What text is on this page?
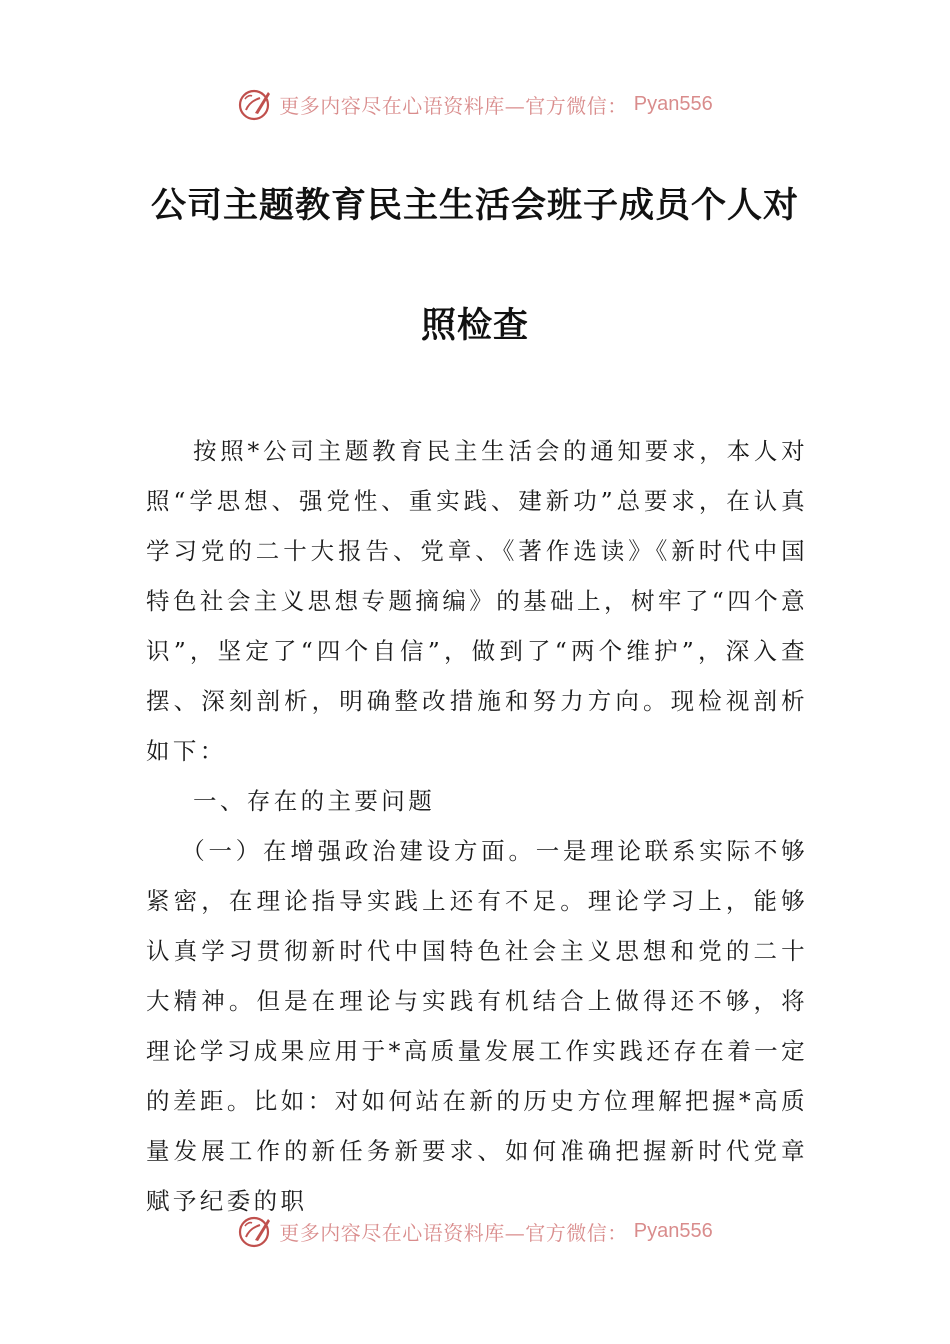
更多内容尽在心语资料库—官方微信： Pyan556
公司主题教育民主生活会班子成员个人对
照检查

按照*公司主题教育民主生活会的通知要求，本人对照“学思想、强党性、重实践、建新功”总要求，在认真学习党的二十大报告、党章、《著作选读》《新时代中国特色社会主义思想专题摘编》的基础上，树牢了“四个意识”，坚定了“四个自信”，做到了“两个维护”，深入查摆、深刻剖析，明确整改措施和努力方向。现检视剖析如下：

一、存在的主要问题

（一）在增强政治建设方面。一是理论联系实际不够紧密，在理论指导实践上还有不足。理论学习上，能够认真学习贯彻新时代中国特色社会主义思想和党的二十大精神。但是在理论与实践有机结合上做得还不够，将理论学习成果应用于*高质量发展工作实践还存在着一定的差距。比如：对如何站在新的历史方位理解把握*高质量发展工作的新任务新要求、如何准确把握新时代党章赋予纪委的职

更多内容尽在心语资料库—官方微信： Pyan556
